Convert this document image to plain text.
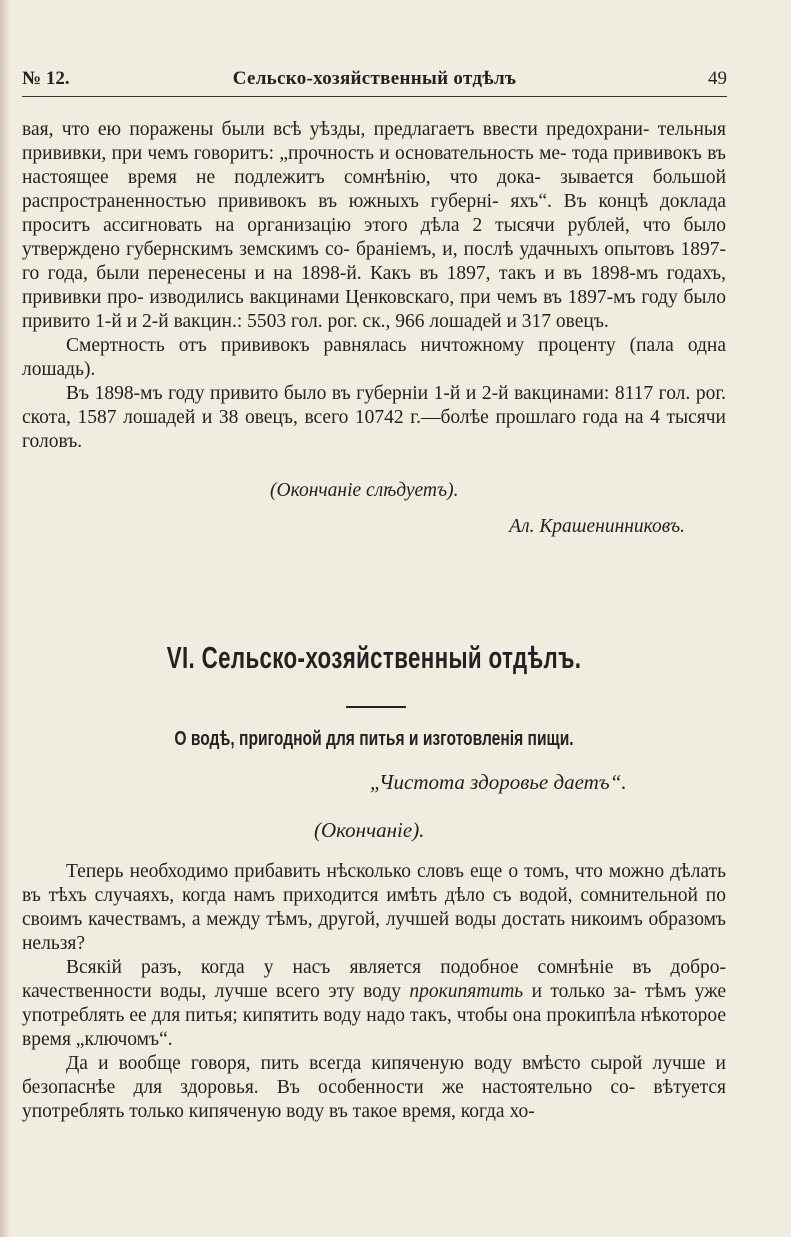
№ 12.	Сельско-хозяйственный отдѣлъ	49

вая, что ею поражены были всѣ уѣзды, предлагаетъ ввести предохрани- тельныя прививки, при чемъ говоритъ: „прочность и основательность ме- тода прививокъ въ настоящее время не подлежитъ сомнѣнію, что дока- зывается большой распространенностью прививокъ въ южныхъ губерні- яхъ“. Въ концѣ доклада проситъ ассигновать на организацію этого дѣла 2 тысячи рублей, что было утверждено губернскимъ земскимъ со- браніемъ, и, послѣ удачныхъ опытовъ 1897-го года, были перенесены и на 1898-й. Какъ въ 1897, такъ и въ 1898-мъ годахъ, прививки про- изводились вакцинами Ценковскаго, при чемъ въ 1897-мъ году было привито 1-й и 2-й вакцин.: 5503 гол. рог. ск., 966 лошадей и 317 овецъ.

Смертность отъ прививокъ равнялась ничтожному проценту (пала одна лошадь).

Въ 1898-мъ году привито было въ губерніи 1-й и 2-й вакцинами: 8117 гол. рог. скота, 1587 лошадей и 38 овецъ, всего 10742 г.—болѣе прошлаго года на 4 тысячи головъ.

(Окончаніе слѣдуетъ).
Ал. Крашенинниковъ.
VI. Сельско-хозяйственный отдѣлъ.
О водѣ, пригодной для питья и изготовленія пищи.
„Чистота здоровье даетъ“.
(Окончаніе).

Теперь необходимо прибавить нѣсколько словъ еще о томъ, что можно дѣлать въ тѣхъ случаяхъ, когда намъ приходится имѣть дѣло съ водой, сомнительной по своимъ качествамъ, а между тѣмъ, другой, лучшей воды достать никоимъ образомъ нельзя?

Всякій разъ, когда у насъ является подобное сомнѣніе въ добро- качественности воды, лучше всего эту воду прокипятить и только за- тѣмъ уже употреблять ее для питья; кипятить воду надо такъ, чтобы она прокипѣла нѣкоторое время „ключомъ“.

Да и вообще говоря, пить всегда кипяченую воду вмѣсто сырой лучше и безопаснѣе для здоровья. Въ особенности же настоятельно со- вѣтуется употреблять только кипяченую воду въ такое время, когда хо-
